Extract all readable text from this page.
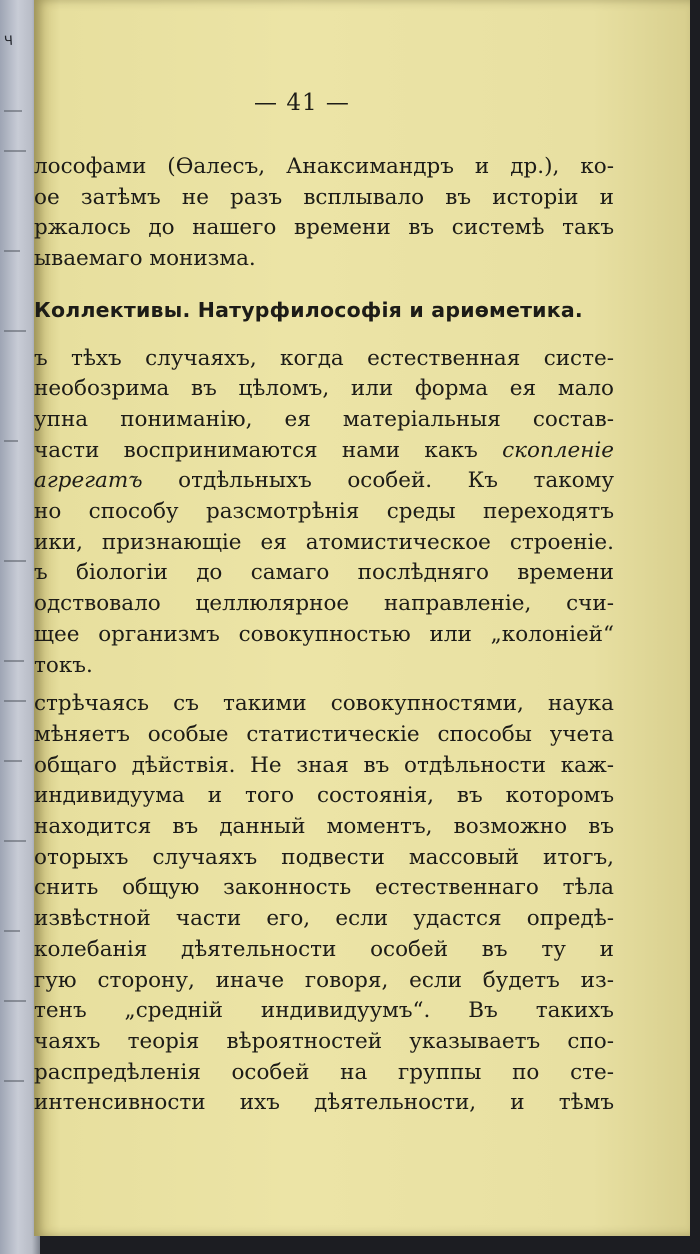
Ч
— 41 —
лософами (Ѳалесъ, Анаксимандръ и др.), ко-
ое затѣмъ не разъ всплывало въ исторіи и
ржалось до нашего времени въ системѣ такъ
ываемаго монизма.
Коллективы. Натурфилософія и ариѳметика.
ъ тѣхъ случаяхъ, когда естественная систе-
необозрима въ цѣломъ, или форма ея мало
упна пониманію, ея матеріальныя состав-
части воспринимаются нами какъ скопленіе
агрегатъ отдѣльныхъ особей. Къ такому
но способу разсмотрѣнія среды переходятъ
ики, признающіе ея атомистическое строеніе.
ъ біологіи до самаго послѣдняго времени
одствовало целлюлярное направленіе, счи-
щее организмъ совокупностью или „колоніей“
токъ.
стрѣчаясь съ такими совокупностями, наука
мѣняетъ особые статистическіе способы учета
общаго дѣйствія. Не зная въ отдѣльности каж-
индивидуума и того состоянія, въ которомъ
находится въ данный моментъ, возможно въ
оторыхъ случаяхъ подвести массовый итогъ,
снить общую законность естественнаго тѣла
извѣстной части его, если удастся опредѣ-
колебанія дѣятельности особей въ ту и
гую сторону, иначе говоря, если будетъ из-
тенъ „средній индивидуумъ“. Въ такихъ
чаяхъ теорія вѣроятностей указываетъ спо-
распредѣленія особей на группы по сте-
интенсивности ихъ дѣятельности, и тѣмъ
